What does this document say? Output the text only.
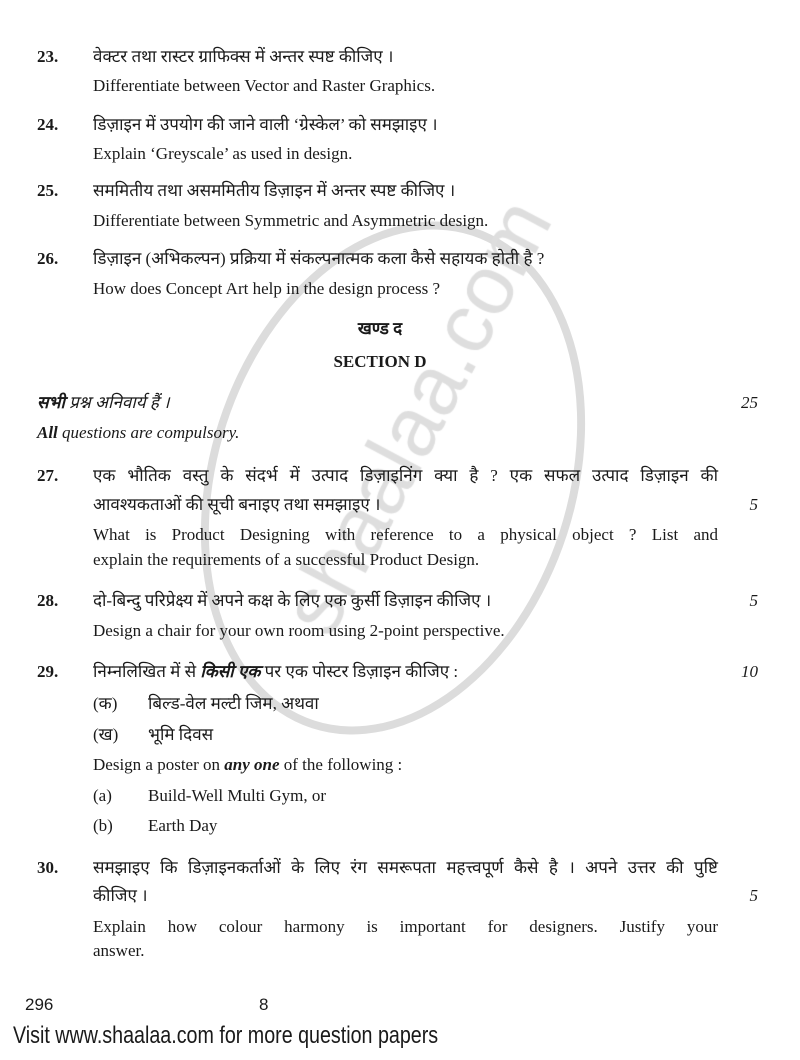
23. वेक्टर तथा रास्टर ग्राफिक्स में अन्तर स्पष्ट कीजिए ।
Differentiate between Vector and Raster Graphics.
24. डिज़ाइन में उपयोग की जाने वाली ‘ग्रेस्केल’ को समझाइए ।
Explain ‘Greyscale’ as used in design.
25. सममितीय तथा असममितीय डिज़ाइन में अन्तर स्पष्ट कीजिए ।
Differentiate between Symmetric and Asymmetric design.
26. डिज़ाइन (अभिकल्पन) प्रक्रिया में संकल्पनात्मक कला कैसे सहायक होती है ?
How does Concept Art help in the design process ?
खण्ड द
SECTION D
सभी प्रश्न अनिवार्य हैं ।	25
All questions are compulsory.
27. एक भौतिक वस्तु के संदर्भ में उत्पाद डिज़ाइनिंग क्या है ? एक सफल उत्पाद डिज़ाइन की
आवश्यकताओं की सूची बनाइए तथा समझाइए ।	5
What is Product Designing with reference to a physical object ? List and
explain the requirements of a successful Product Design.
28. दो-बिन्दु परिप्रेक्ष्य में अपने कक्ष के लिए एक कुर्सी डिज़ाइन कीजिए ।	5
Design a chair for your own room using 2-point perspective.
29. निम्नलिखित में से किसी एक पर एक पोस्टर डिज़ाइन कीजिए :	10
(क) बिल्ड-वेल मल्टी जिम, अथवा
(ख) भूमि दिवस
Design a poster on any one of the following :
(a) Build-Well Multi Gym, or
(b) Earth Day
30. समझाइए कि डिज़ाइनकर्ताओं के लिए रंग समरूपता महत्त्वपूर्ण कैसे है । अपने उत्तर की पुष्टि
कीजिए ।	5
Explain how colour harmony is important for designers. Justify your
answer.
296	8
Visit www.shaalaa.com for more question papers
